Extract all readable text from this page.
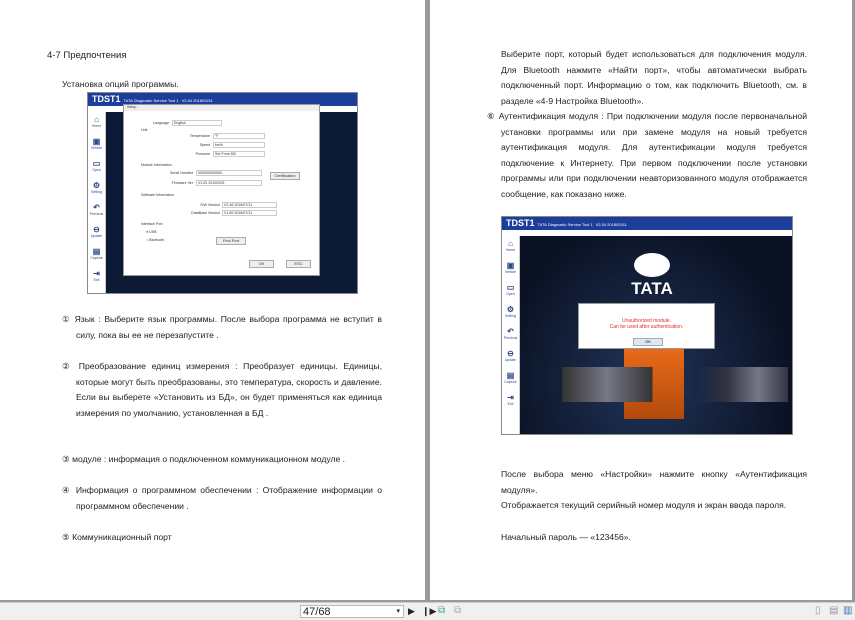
4-7 Предпочтения
Установка опций программы.
TDST1 TATA Diagnostic Service Tool 1 V2.04 2018/03/11
⌂
Home
▣
Vehicle
▭
Open
⚙
Setting
↶
Previous
⊖
Update
▤
Capture
⇥
Exit
Setup
Language	English
Unit
Temperature	°F
Speed	km/h
Pressure	Set From DB
Module information
Serial Number	000000000000
Firmware Ver	V1.81 2019/02/5
Certification
Software Information
S/W Version	V2.46 2018/07/11
DataBase Version	V1.89 2018/07/11
Interface Port
● USB
○ Bluetooth	Find Port
OK	ESC
① Язык : Выберите язык программы. После выбора программа не вступит в силу, пока вы ее не перезапустите .
② Преобразование единиц измерения : Преобразует единицы. Единицы, которые могут быть преобразованы, это температура, скорость и давление. Если вы выберете «Установить из БД», он будет применяться как единица измерения по умолчанию, установленная в БД .
③ модуле : информация о подключенном коммуникационном модуле .
④ Информация о программном обеспечении : Отображение информации о программном обеспечении .
⑤ Коммуникационный порт
Выберите порт, который будет использоваться для подключения модуля. Для Bluetooth нажмите «Найти порт», чтобы автоматически выбрать подключенный порт. Информацию о том, как подключить Bluetooth, см. в разделе «4-9 Настройка Bluetooth».
⑥ Аутентификация модуля : При подключении модуля после первоначальной установки программы или при замене модуля на новый требуется аутентификация модуля. Для аутентификации модуля требуется подключение к Интернету. При первом подключении после установки программы или при подключении неавторизованного модуля отображается сообщение, как показано ниже.
TDST1 TATA Diagnostic Service Tool 1 V2.04 2018/03/11
⌂
Home
▣
Vehicle
▭
Open
⚙
Setting
↶
Previous
⊖
Update
▤
Capture
⇥
Exit
TATA
Unauthorized module.
Can be used after authentication.
OK
После выбора меню «Настройки» нажмите кнопку «Аутентификация модуля».
Отображается текущий серийный номер модуля и экран ввода пароля.
Начальный пароль — «123456».
47/68	▾ ▶ ❙▶ ⧉ ⧉	▯ ▤ ▥
